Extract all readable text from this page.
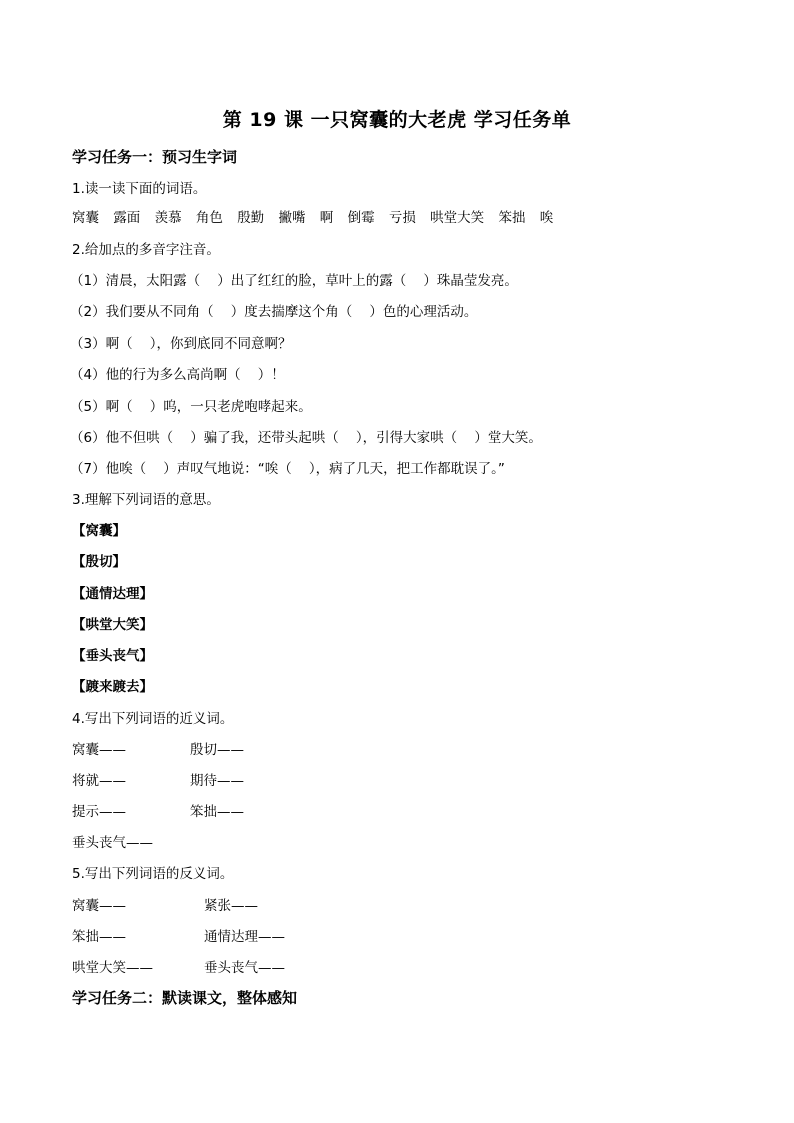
第 19 课 一只窝囊的大老虎 学习任务单
学习任务一：预习生字词
1.读一读下面的词语。
窝囊 露面 羡慕 角色 殷勤 撇嘴 啊 倒霉 亏损 哄堂大笑 笨拙 唉
2.给加点的多音字注音。
（1）清晨，太阳露（    ）出了红红的脸，草叶上的露（    ）珠晶莹发亮。
（2）我们要从不同角（    ）度去揣摩这个角（    ）色的心理活动。
（3）啊（    ），你到底同不同意啊？
（4）他的行为多么高尚啊（    ）！
（5）啊（    ）呜，一只老虎咆哮起来。
（6）他不但哄（    ）骗了我，还带头起哄（    ），引得大家哄（    ）堂大笑。
（7）他唉（    ）声叹气地说：“唉（    ），病了几天，把工作都耽误了。”
3.理解下列词语的意思。
【窝囊】
【殷切】
【通情达理】
【哄堂大笑】
【垂头丧气】
【踱来踱去】
4.写出下列词语的近义词。
窝囊——	殷切——
将就——	期待——
提示——	笨拙——
垂头丧气——
5.写出下列词语的反义词。
窝囊——	紧张——
笨拙——	通情达理——
哄堂大笑——	垂头丧气——
学习任务二：默读课文，整体感知
